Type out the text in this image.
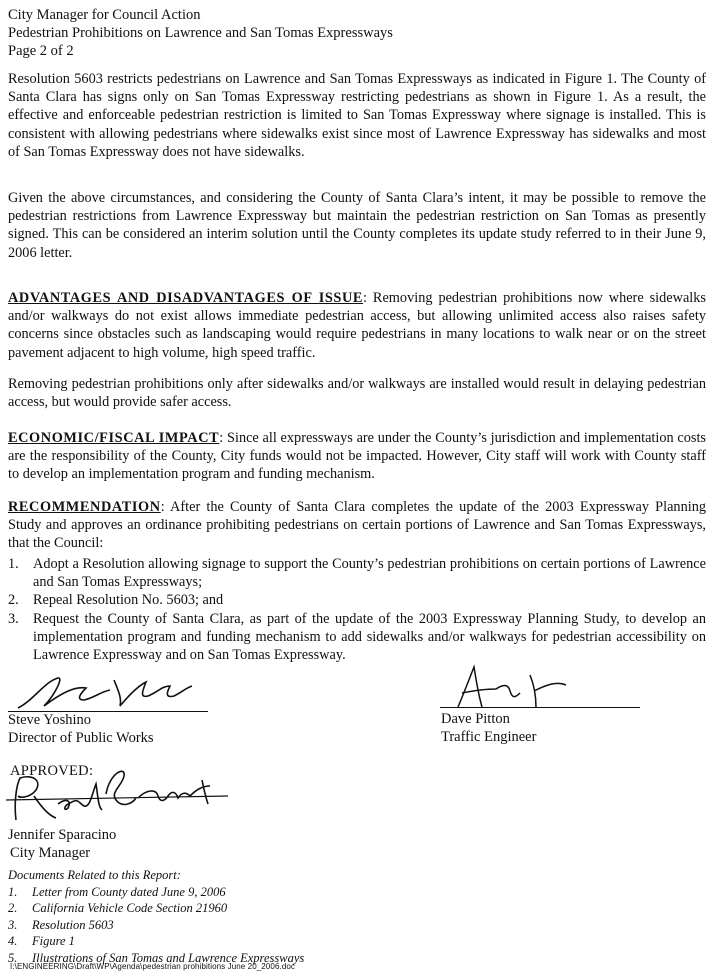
City Manager for Council Action
Pedestrian Prohibitions on Lawrence and San Tomas Expressways
Page 2 of 2

Resolution 5603 restricts pedestrians on Lawrence and San Tomas Expressways as indicated in Figure 1. The County of Santa Clara has signs only on San Tomas Expressway restricting pedestrians as shown in Figure 1. As a result, the effective and enforceable pedestrian restriction is limited to San Tomas Expressway where signage is installed. This is consistent with allowing pedestrians where sidewalks exist since most of Lawrence Expressway has sidewalks and most of San Tomas Expressway does not have sidewalks.

Given the above circumstances, and considering the County of Santa Clara’s intent, it may be possible to remove the pedestrian restrictions from Lawrence Expressway but maintain the pedestrian restriction on San Tomas as presently signed. This can be considered an interim solution until the County completes its update study referred to in their June 9, 2006 letter.

ADVANTAGES AND DISADVANTAGES OF ISSUE: Removing pedestrian prohibitions now where sidewalks and/or walkways do not exist allows immediate pedestrian access, but allowing unlimited access also raises safety concerns since obstacles such as landscaping would require pedestrians in many locations to walk near or on the street pavement adjacent to high volume, high speed traffic.

Removing pedestrian prohibitions only after sidewalks and/or walkways are installed would result in delaying pedestrian access, but would provide safer access.

ECONOMIC/FISCAL IMPACT: Since all expressways are under the County’s jurisdiction and implementation costs are the responsibility of the County, City funds would not be impacted. However, City staff will work with County staff to develop an implementation program and funding mechanism.

RECOMMENDATION: After the County of Santa Clara completes the update of the 2003 Expressway Planning Study and approves an ordinance prohibiting pedestrians on certain portions of Lawrence and San Tomas Expressways, that the Council:
1. Adopt a Resolution allowing signage to support the County’s pedestrian prohibitions on certain portions of Lawrence and San Tomas Expressways;
2. Repeal Resolution No. 5603; and
3. Request the County of Santa Clara, as part of the update of the 2003 Expressway Planning Study, to develop an implementation program and funding mechanism to add sidewalks and/or walkways for pedestrian accessibility on Lawrence Expressway and on San Tomas Expressway.
Steve Yoshino
Director of Public Works
Dave Pitton
Traffic Engineer
APPROVED:
Jennifer Sparacino
City Manager
Documents Related to this Report:
1. Letter from County dated June 9, 2006
2. California Vehicle Code Section 21960
3. Resolution 5603
4. Figure 1
5. Illustrations of San Tomas and Lawrence Expressways
I:\ENGINEERING\Draft\WP\Agenda\pedestrian prohibitions June 20_2006.doc
